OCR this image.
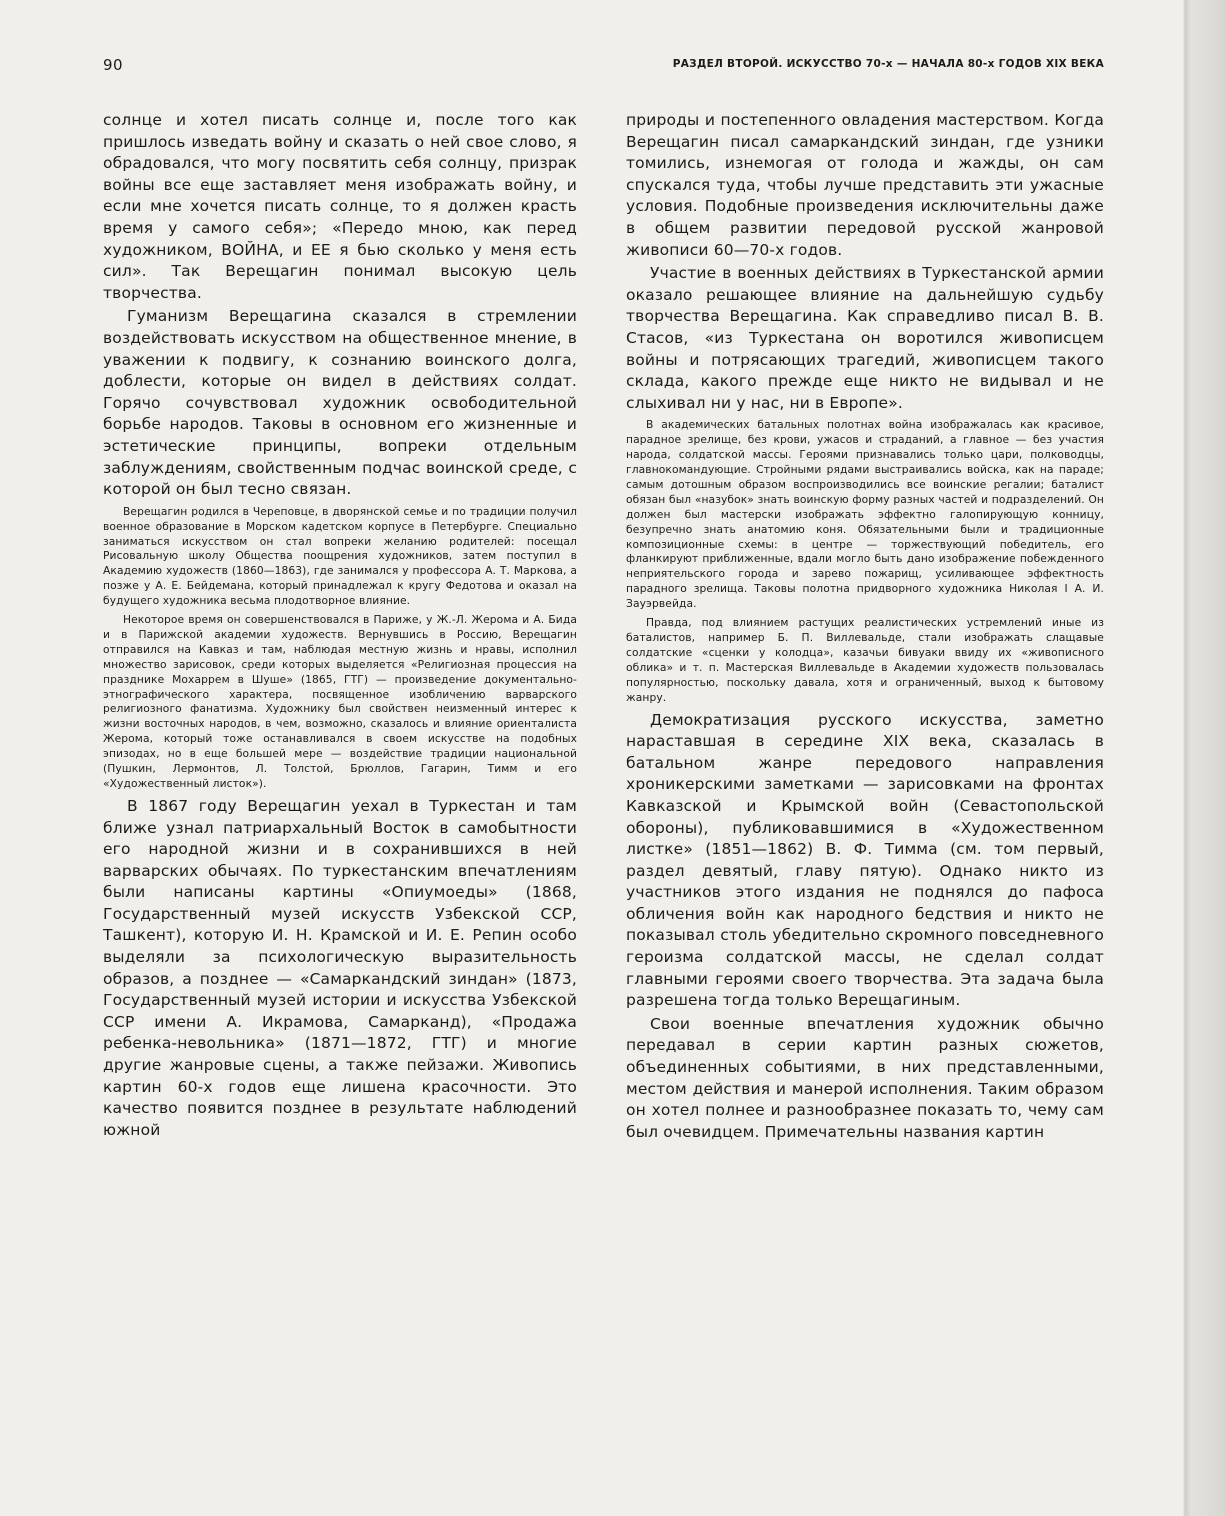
90	РАЗДЕЛ ВТОРОЙ. ИСКУССТВО 70-х — НАЧАЛА 80-х ГОДОВ XIX ВЕКА

солнце и хотел писать солнце и, после того как пришлось изведать войну и сказать о ней свое слово, я обрадовался, что могу посвятить себя солнцу, призрак войны все еще заставляет меня изображать войну, и если мне хочется писать солнце, то я должен красть время у самого себя»; «Передо мною, как перед художником, ВОЙНА, и ЕЕ я бью сколько у меня есть сил». Так Верещагин понимал высокую цель творчества.

Гуманизм Верещагина сказался в стремлении воздействовать искусством на общественное мнение, в уважении к подвигу, к сознанию воинского долга, доблести, которые он видел в действиях солдат. Горячо сочувствовал художник освободительной борьбе народов. Таковы в основном его жизненные и эстетические принципы, вопреки отдельным заблуждениям, свойственным подчас воинской среде, с которой он был тесно связан.

Верещагин родился в Череповце, в дворянской семье и по традиции получил военное образование в Морском кадетском корпусе в Петербурге. Специально заниматься искусством он стал вопреки желанию родителей: посещал Рисовальную школу Общества поощрения художников, затем поступил в Академию художеств (1860—1863), где занимался у профессора А. Т. Маркова, а позже у А. Е. Бейдемана, который принадлежал к кругу Федотова и оказал на будущего художника весьма плодотворное влияние.

Некоторое время он совершенствовался в Париже, у Ж.-Л. Жерома и А. Бида и в Парижской академии художеств. Вернувшись в Россию, Верещагин отправился на Кавказ и там, наблюдая местную жизнь и нравы, исполнил множество зарисовок, среди которых выделяется «Религиозная процессия на празднике Мохаррем в Шуше» (1865, ГТГ) — произведение документально-этнографического характера, посвященное изобличению варварского религиозного фанатизма. Художнику был свойствен неизменный интерес к жизни восточных народов, в чем, возможно, сказалось и влияние ориенталиста Жерома, который тоже останавливался в своем искусстве на подобных эпизодах, но в еще большей мере — воздействие традиции национальной (Пушкин, Лермонтов, Л. Толстой, Брюллов, Гагарин, Тимм и его «Художественный листок»).

В 1867 году Верещагин уехал в Туркестан и там ближе узнал патриархальный Восток в самобытности его народной жизни и в сохранившихся в ней варварских обычаях. По туркестанским впечатлениям были написаны картины «Опиумоеды» (1868, Государственный музей искусств Узбекской ССР, Ташкент), которую И. Н. Крамской и И. Е. Репин особо выделяли за психологическую выразительность образов, а позднее — «Самаркандский зиндан» (1873, Государственный музей истории и искусства Узбекской ССР имени А. Икрамова, Самарканд), «Продажа ребенка-невольника» (1871—1872, ГТГ) и многие другие жанровые сцены, а также пейзажи. Живопись картин 60-х годов еще лишена красочности. Это качество появится позднее в результате наблюдений южной

природы и постепенного овладения мастерством. Когда Верещагин писал самаркандский зиндан, где узники томились, изнемогая от голода и жажды, он сам спускался туда, чтобы лучше представить эти ужасные условия. Подобные произведения исключительны даже в общем развитии передовой русской жанровой живописи 60—70-х годов.

Участие в военных действиях в Туркестанской армии оказало решающее влияние на дальнейшую судьбу творчества Верещагина. Как справедливо писал В. В. Стасов, «из Туркестана он воротился живописцем войны и потрясающих трагедий, живописцем такого склада, какого прежде еще никто не видывал и не слыхивал ни у нас, ни в Европе».

В академических батальных полотнах война изображалась как красивое, парадное зрелище, без крови, ужасов и страданий, а главное — без участия народа, солдатской массы. Героями признавались только цари, полководцы, главнокомандующие. Стройными рядами выстраивались войска, как на параде; самым дотошным образом воспроизводились все воинские регалии; баталист обязан был «назубок» знать воинскую форму разных частей и подразделений. Он должен был мастерски изображать эффектно галопирующую конницу, безупречно знать анатомию коня. Обязательными были и традиционные композиционные схемы: в центре — торжествующий победитель, его фланкируют приближенные, вдали могло быть дано изображение побежденного неприятельского города и зарево пожарищ, усиливающее эффектность парадного зрелища. Таковы полотна придворного художника Николая I А. И. Зауэрвейда.

Правда, под влиянием растущих реалистических устремлений иные из баталистов, например Б. П. Виллевальде, стали изображать слащавые солдатские «сценки у колодца», казачьи бивуаки ввиду их «живописного облика» и т. п. Мастерская Виллевальде в Академии художеств пользовалась популярностью, поскольку давала, хотя и ограниченный, выход к бытовому жанру.

Демократизация русского искусства, заметно нараставшая в середине XIX века, сказалась в батальном жанре передового направления хроникерскими заметками — зарисовками на фронтах Кавказской и Крымской войн (Севастопольской обороны), публиковавшимися в «Художественном листке» (1851—1862) В. Ф. Тимма (см. том первый, раздел девятый, главу пятую). Однако никто из участников этого издания не поднялся до пафоса обличения войн как народного бедствия и никто не показывал столь убедительно скромного повседневного героизма солдатской массы, не сделал солдат главными героями своего творчества. Эта задача была разрешена тогда только Верещагиным.

Свои военные впечатления художник обычно передавал в серии картин разных сюжетов, объединенных событиями, в них представленными, местом действия и манерой исполнения. Таким образом он хотел полнее и разнообразнее показать то, чему сам был очевидцем. Примечательны названия картин
